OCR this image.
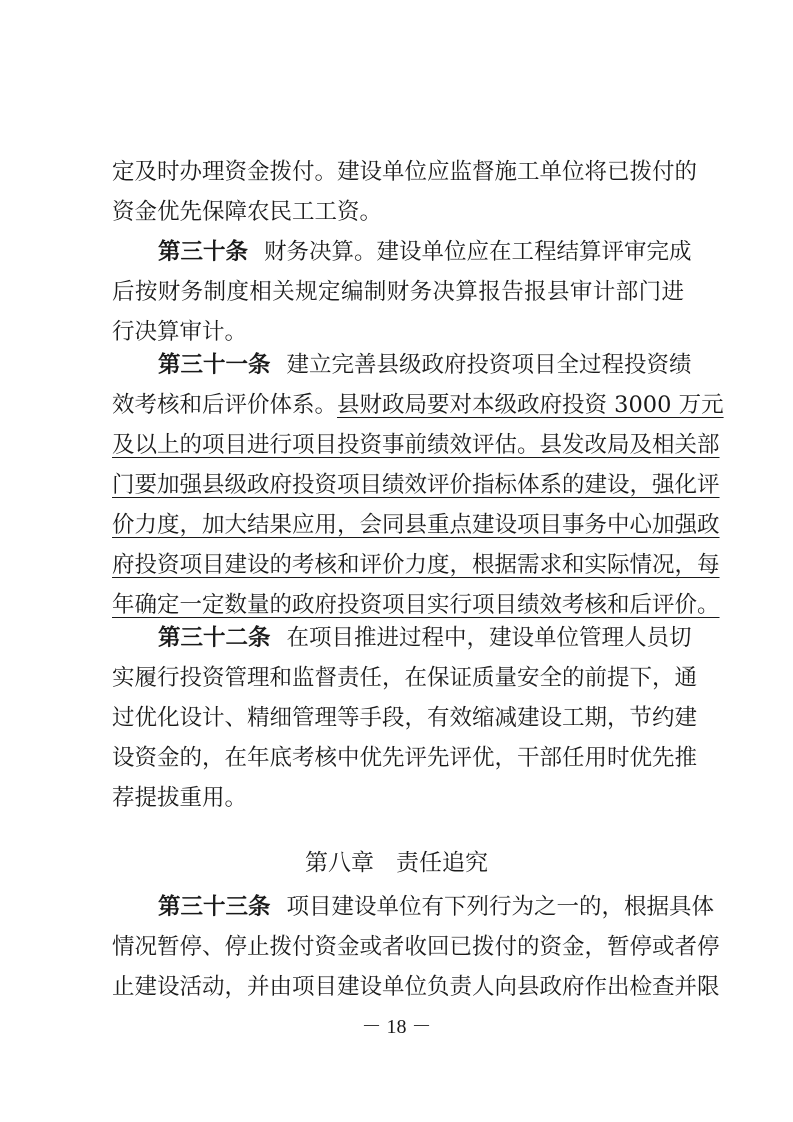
定及时办理资金拨付。建设单位应监督施工单位将已拨付的
资金优先保障农民工工资。
第三十条 财务决算。建设单位应在工程结算评审完成
后按财务制度相关规定编制财务决算报告报县审计部门进
行决算审计。
第三十一条 建立完善县级政府投资项目全过程投资绩
效考核和后评价体系。县财政局要对本级政府投资 3000 万元
及以上的项目进行项目投资事前绩效评估。县发改局及相关部
门要加强县级政府投资项目绩效评价指标体系的建设，强化评
价力度，加大结果应用，会同县重点建设项目事务中心加强政
府投资项目建设的考核和评价力度，根据需求和实际情况，每
年确定一定数量的政府投资项目实行项目绩效考核和后评价。
第三十二条 在项目推进过程中，建设单位管理人员切
实履行投资管理和监督责任，在保证质量安全的前提下，通
过优化设计、精细管理等手段，有效缩减建设工期，节约建
设资金的，在年底考核中优先评先评优，干部任用时优先推
荐提拔重用。
第八章 责任追究
第三十三条 项目建设单位有下列行为之一的，根据具体
情况暂停、停止拨付资金或者收回已拨付的资金，暂停或者停
止建设活动，并由项目建设单位负责人向县政府作出检查并限
－ 18 －
